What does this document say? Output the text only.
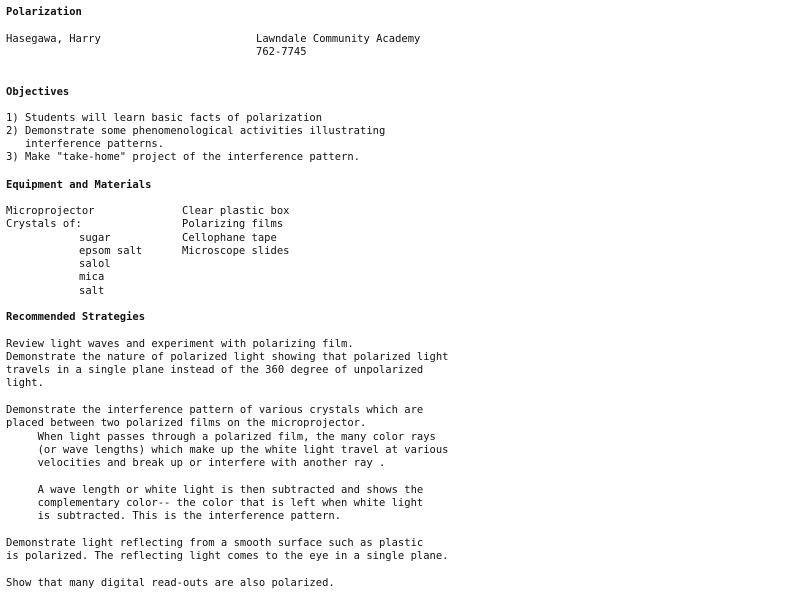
Polarization
Hasegawa, Harry	Lawndale Community Academy
762-7745
Objectives
1) Students will learn basic facts of polarization
2) Demonstrate some phenomenological activities illustrating
interference patterns.
3) Make "take-home" project of the interference pattern.
Equipment and Materials
Microprojector
Crystals of:
sugar
epsom salt
salol
mica
salt
Clear plastic box
Polarizing films
Cellophane tape
Microscope slides
Recommended Strategies
Review light waves and experiment with polarizing film.
Demonstrate the nature of polarized light showing that polarized light
travels in a single plane instead of the 360 degree of unpolarized
light.
Demonstrate the interference pattern of various crystals which are
placed between two polarized films on the microprojector.
When light passes through a polarized film, the many color rays
(or wave lengths) which make up the white light travel at various
velocities and break up or interfere with another ray .
A wave length or white light is then subtracted and shows the
complementary color-- the color that is left when white light
is subtracted. This is the interference pattern.
Demonstrate light reflecting from a smooth surface such as plastic
is polarized. The reflecting light comes to the eye in a single plane.
Show that many digital read-outs are also polarized.
